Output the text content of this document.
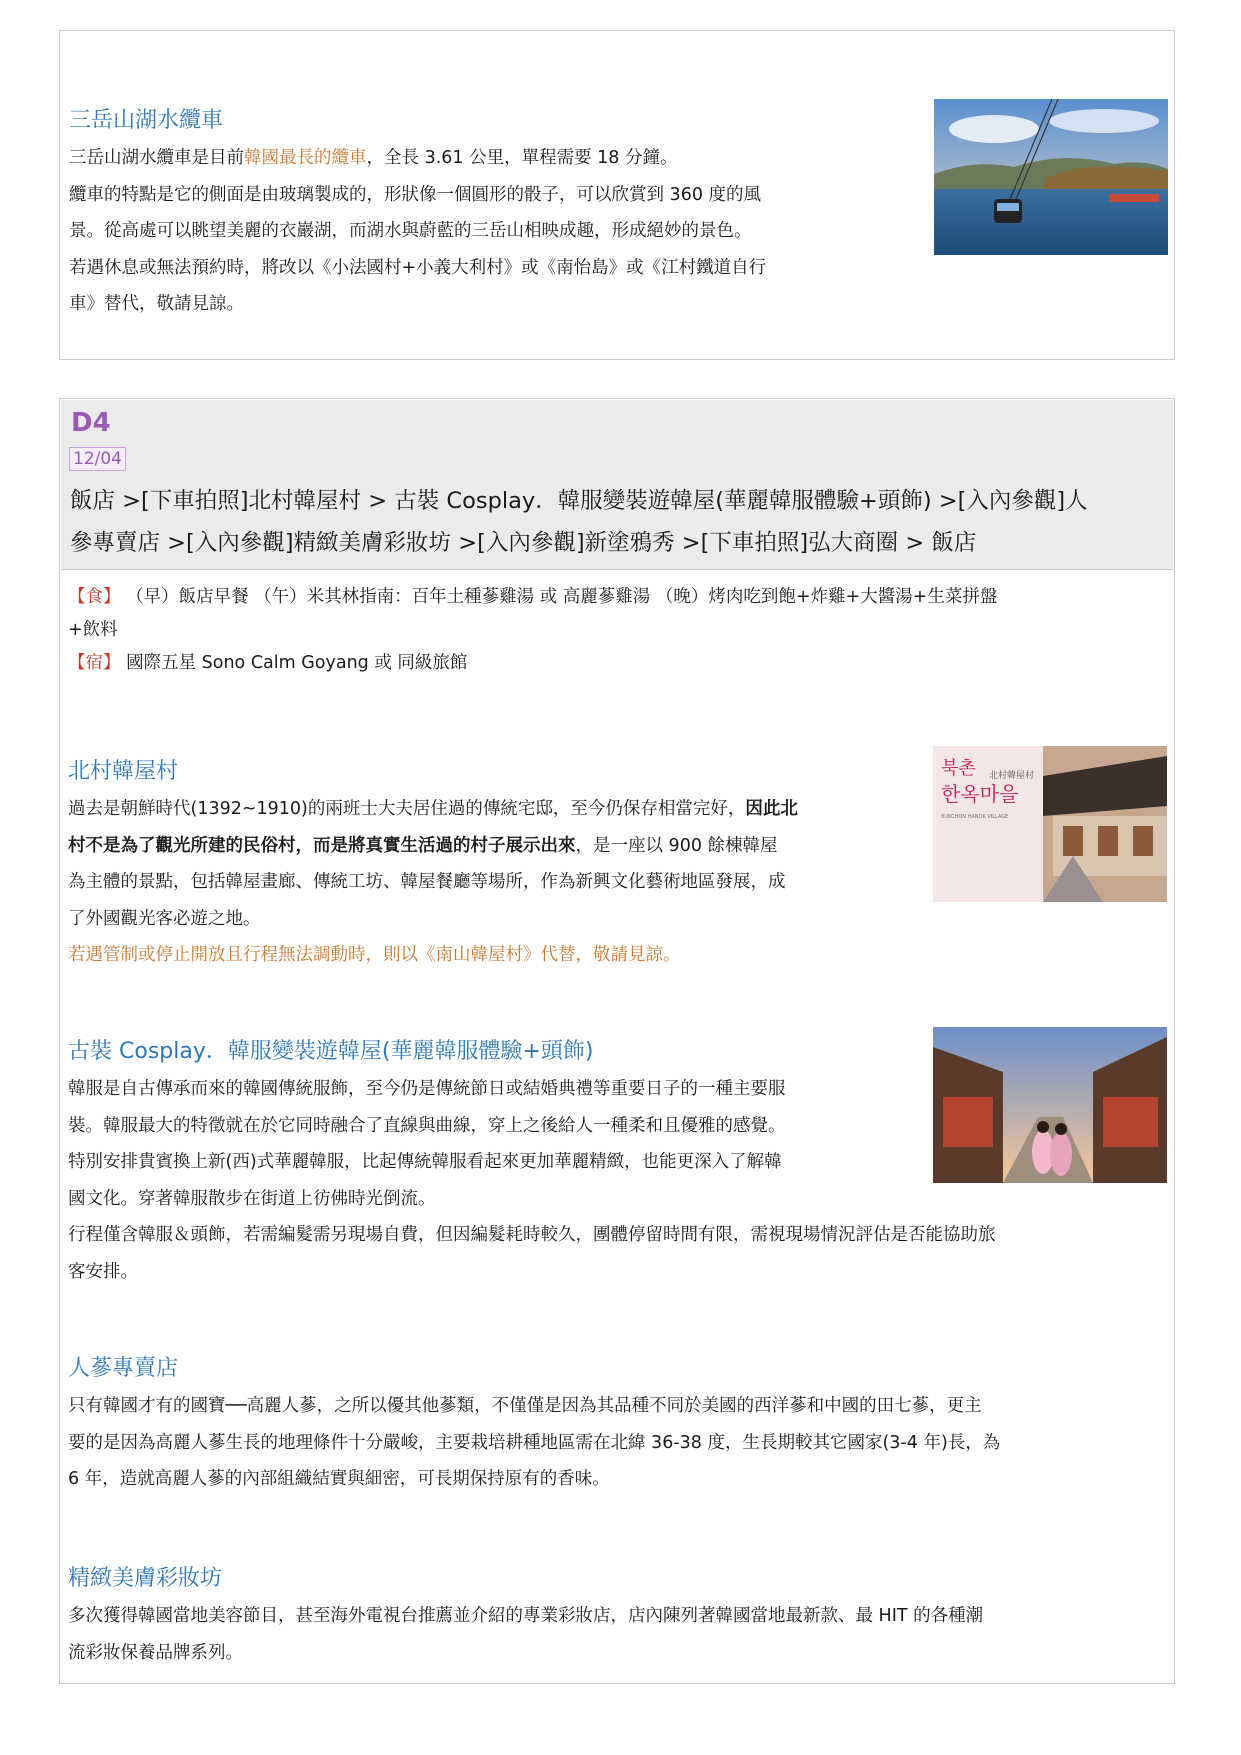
三岳山湖水纜車

三岳山湖水纜車是目前韓國最長的纜車，全長 3.61 公里，單程需要 18 分鐘。

纜車的特點是它的側面是由玻璃製成的，形狀像一個圓形的骰子，可以欣賞到 360 度的風

景。從高處可以眺望美麗的衣巖湖，而湖水與蔚藍的三岳山相映成趣，形成絕妙的景色。

若遇休息或無法預約時，將改以《小法國村+小義大利村》或《南怡島》或《江村鐵道自行

車》替代，敬請見諒。

D4
12/04
飯店 >[下車拍照]北村韓屋村 > 古裝 Cosplay．韓服變裝遊韓屋(華麗韓服體驗+頭飾) >[入內參觀]人
參專賣店 >[入內參觀]精緻美膚彩妝坊 >[入內參觀]新塗鴉秀 >[下車拍照]弘大商圈 > 飯店
【食】 （早）飯店早餐 （午）米其林指南：百年土種蔘雞湯 或 高麗蔘雞湯 （晚）烤肉吃到飽+炸雞+大醬湯+生菜拼盤
+飲料
【宿】 國際五星 Sono Calm Goyang 或 同級旅館
北村韓屋村

過去是朝鮮時代(1392~1910)的兩班士大夫居住過的傳統宅邸，至今仍保存相當完好，因此北

村不是為了觀光所建的民俗村，而是將真實生活過的村子展示出來，是一座以 900 餘棟韓屋

為主體的景點，包括韓屋畫廊、傳統工坊、韓屋餐廳等場所，作為新興文化藝術地區發展，成

了外國觀光客必遊之地。

若遇管制或停止開放且行程無法調動時，則以《南山韓屋村》代替，敬請見諒。

북촌
한옥마을
北村韓屋村
BUKCHON HANOK VILLAGE
古裝 Cosplay．韓服變裝遊韓屋(華麗韓服體驗+頭飾)

韓服是自古傳承而來的韓國傳統服飾，至今仍是傳統節日或結婚典禮等重要日子的一種主要服

裝。韓服最大的特徵就在於它同時融合了直線與曲線，穿上之後給人一種柔和且優雅的感覺。

特別安排貴賓換上新(西)式華麗韓服，比起傳統韓服看起來更加華麗精緻，也能更深入了解韓

國文化。穿著韓服散步在街道上彷佛時光倒流。

行程僅含韓服＆頭飾，若需編髮需另現場自費，但因編髮耗時較久，團體停留時間有限，需視現場情況評估是否能協助旅

客安排。

人蔘專賣店

只有韓國才有的國寶──高麗人蔘，之所以優其他蔘類，不僅僅是因為其品種不同於美國的西洋蔘和中國的田七蔘，更主

要的是因為高麗人蔘生長的地理條件十分嚴峻，主要栽培耕種地區需在北緯 36-38 度，生長期較其它國家(3-4 年)長，為

6 年，造就高麗人蔘的內部組織結實與細密，可長期保持原有的香味。

精緻美膚彩妝坊

多次獲得韓國當地美容節目，甚至海外電視台推薦並介紹的專業彩妝店，店內陳列著韓國當地最新款、最 HIT 的各種潮

流彩妝保養品牌系列。
